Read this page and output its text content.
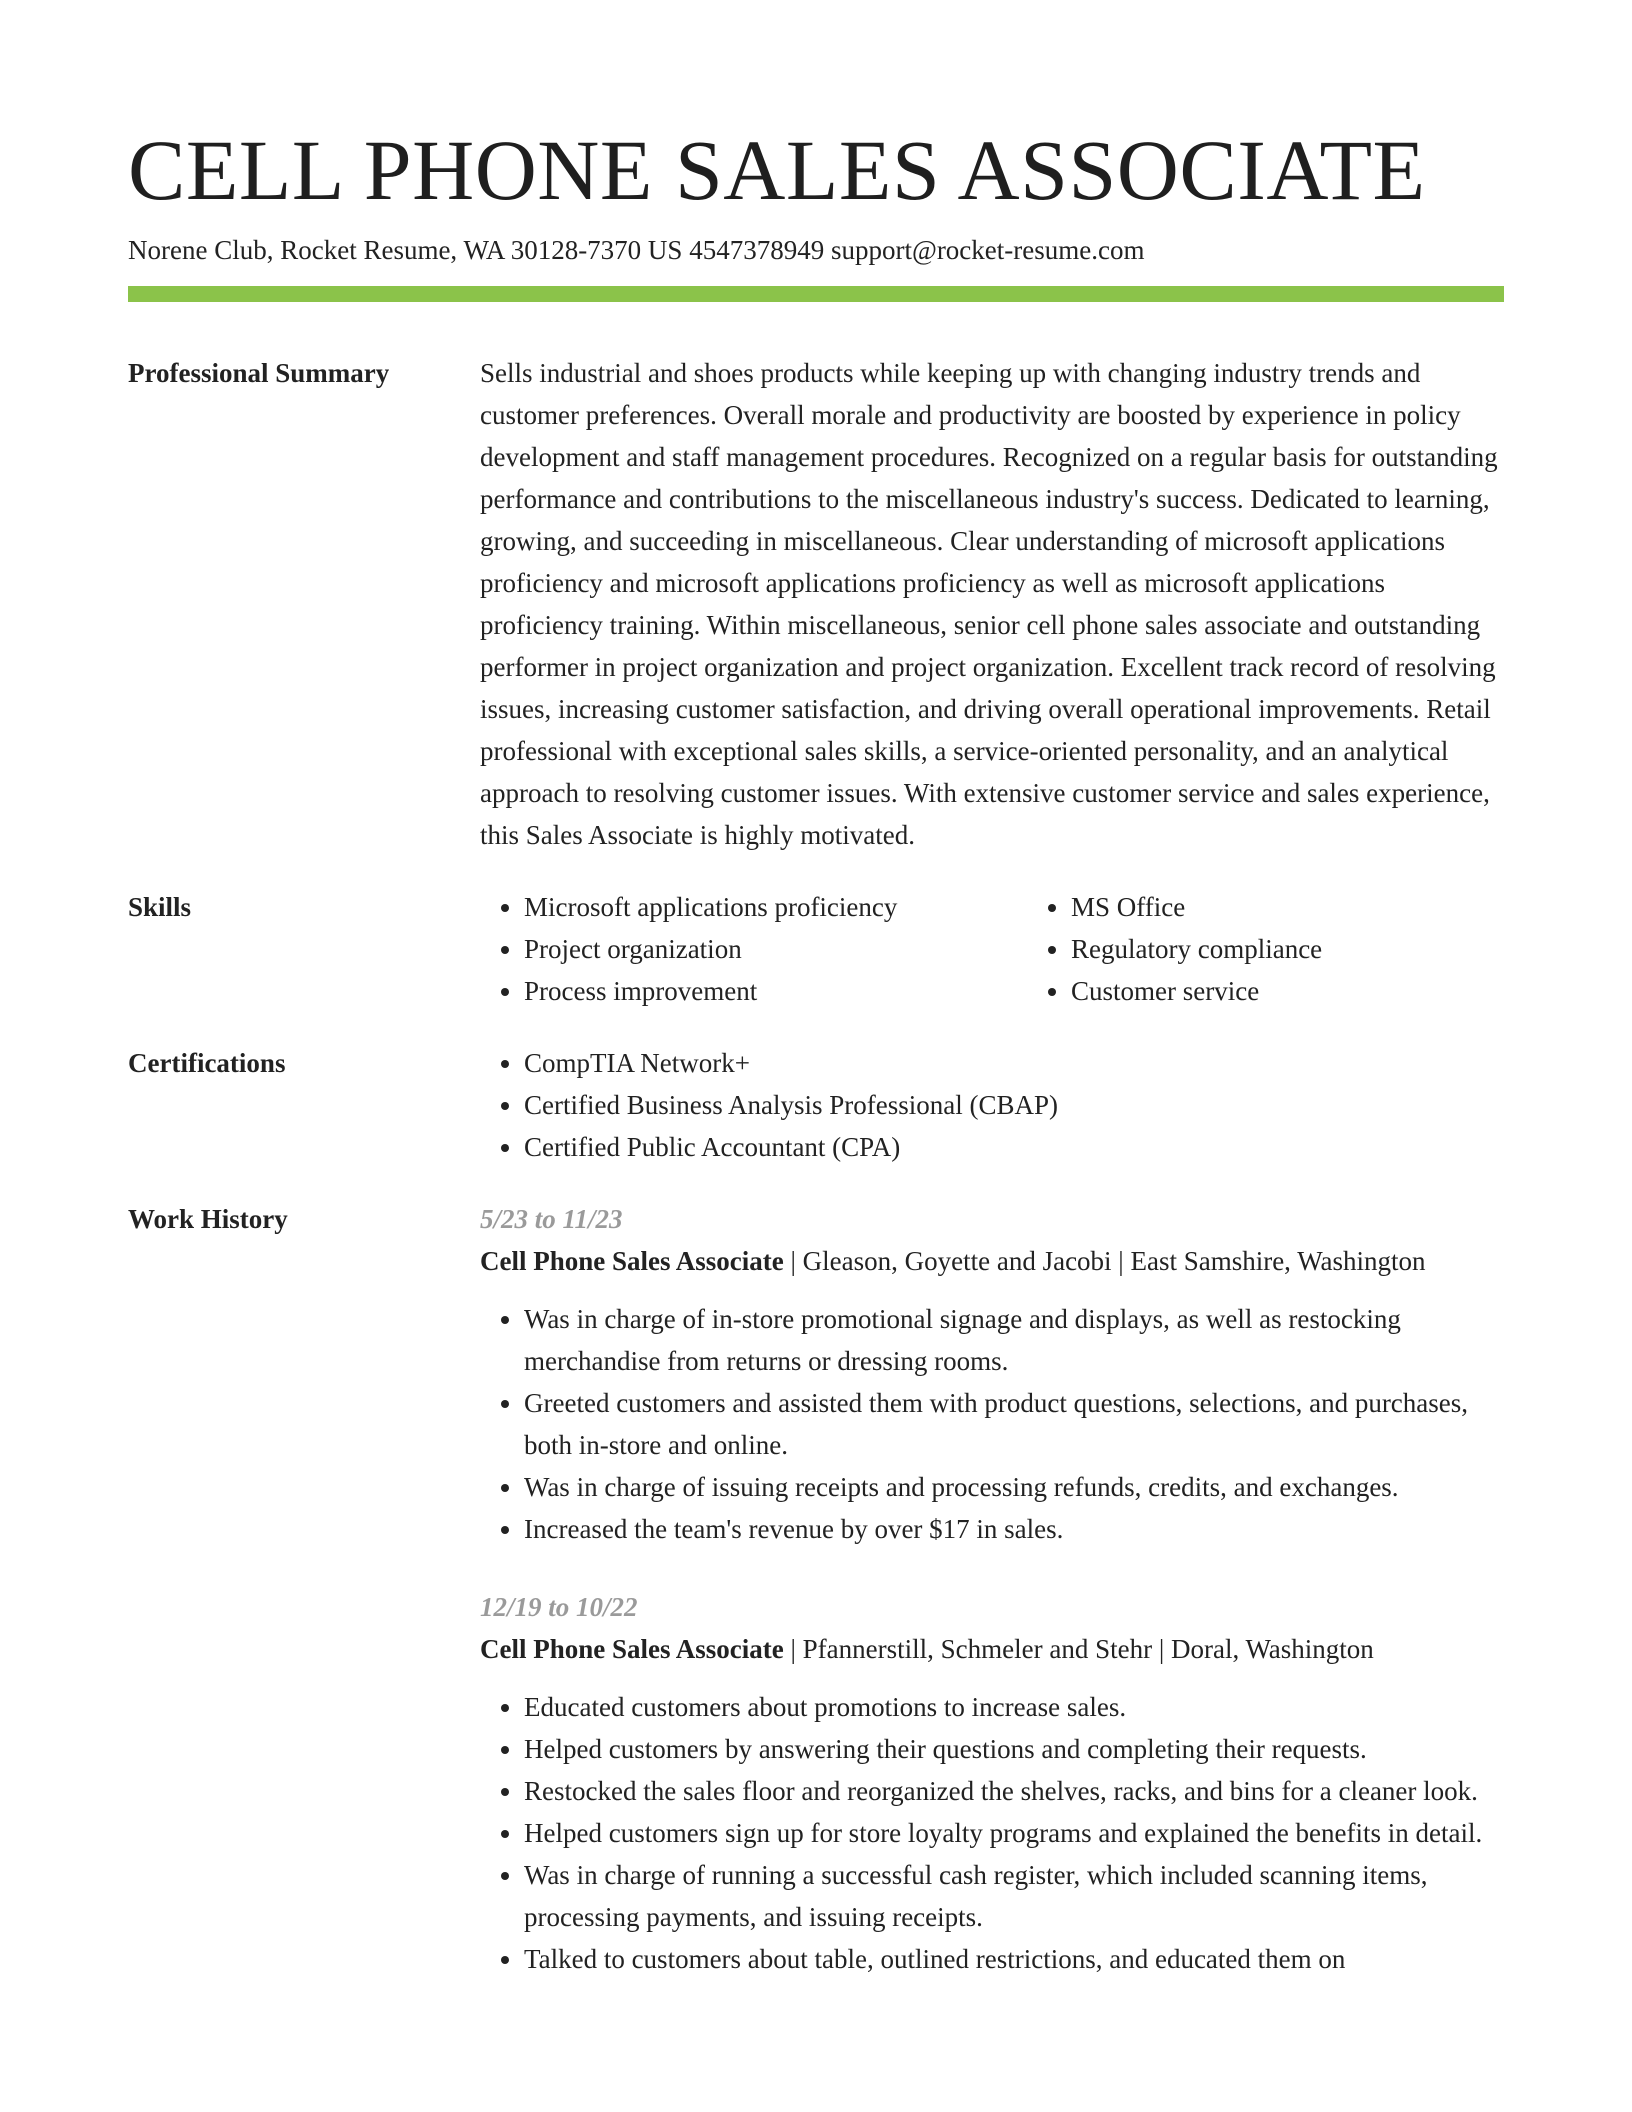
CELL PHONE SALES ASSOCIATE
Norene Club, Rocket Resume, WA 30128-7370 US 4547378949 support@rocket-resume.com
Professional Summary	Sells industrial and shoes products while keeping up with changing industry trends and customer preferences. Overall morale and productivity are boosted by experience in policy development and staff management procedures. Recognized on a regular basis for outstanding performance and contributions to the miscellaneous industry's success. Dedicated to learning, growing, and succeeding in miscellaneous. Clear understanding of microsoft applications proficiency and microsoft applications proficiency as well as microsoft applications proficiency training. Within miscellaneous, senior cell phone sales associate and outstanding performer in project organization and project organization. Excellent track record of resolving issues, increasing customer satisfaction, and driving overall operational improvements. Retail professional with exceptional sales skills, a service-oriented personality, and an analytical approach to resolving customer issues. With extensive customer service and sales experience, this Sales Associate is highly motivated.

Skills	• Microsoft applications proficiency
• Project organization
• Process improvement
• MS Office
• Regulatory compliance
• Customer service
Certifications	• CompTIA Network+
• Certified Business Analysis Professional (CBAP)
• Certified Public Accountant (CPA)
Work History	5/23 to 11/23
Cell Phone Sales Associate | Gleason, Goyette and Jacobi | East Samshire, Washington
• Was in charge of in-store promotional signage and displays, as well as restocking merchandise from returns or dressing rooms.
• Greeted customers and assisted them with product questions, selections, and purchases, both in-store and online.
• Was in charge of issuing receipts and processing refunds, credits, and exchanges.
• Increased the team's revenue by over $17 in sales.
12/19 to 10/22
Cell Phone Sales Associate | Pfannerstill, Schmeler and Stehr | Doral, Washington
• Educated customers about promotions to increase sales.
• Helped customers by answering their questions and completing their requests.
• Restocked the sales floor and reorganized the shelves, racks, and bins for a cleaner look.
• Helped customers sign up for store loyalty programs and explained the benefits in detail.
• Was in charge of running a successful cash register, which included scanning items, processing payments, and issuing receipts.
• Talked to customers about table, outlined restrictions, and educated them on
